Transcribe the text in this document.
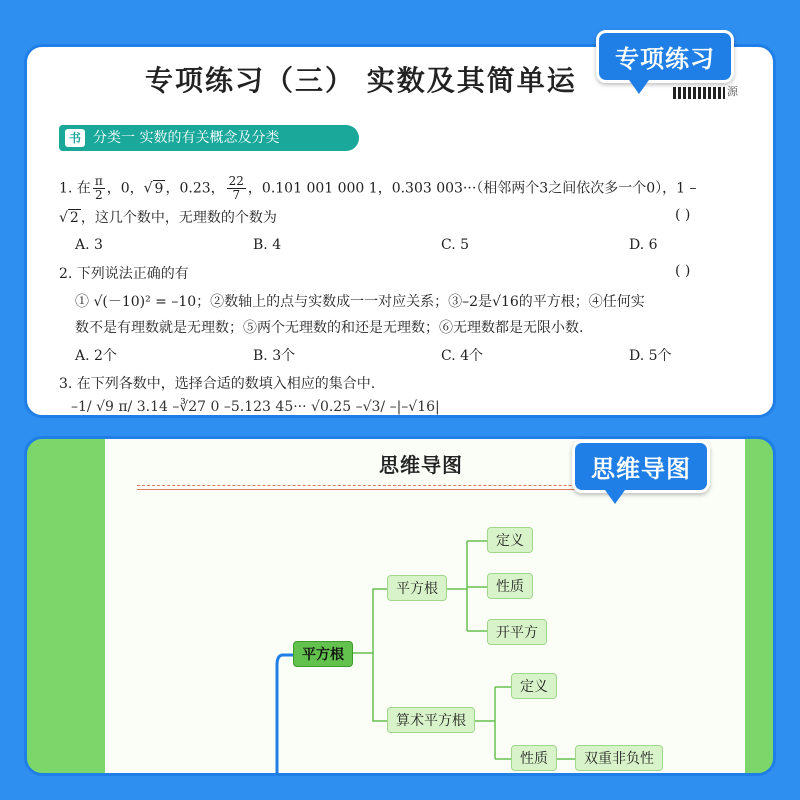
专项练习（三） 实数及其简单运	源
书 分类一 实数的有关概念及分类
1. 在 $\frac{\pi}{2}$ ，0，√ 9 ，0.23， $\frac{22}{7}$ ，0.101 001 000 1，0.303 003···（相邻两个3之间依次多一个0），1 –
√ 2 ，这几个数中，无理数的个数为	( )
A. 3	B. 4	C. 5	D. 6
2. 下列说法正确的有	( )
① √(－10)² = –10；②数轴上的点与实数成一一对应关系；③–2是√16的平方根；④任何实
数不是有理数就是无理数；⑤两个无理数的和还是无理数；⑥无理数都是无限小数.
A. 2个	B. 3个	C. 4个	D. 5个
3. 在下列各数中，选择合适的数填入相应的集合中.
–1/ √9 π/ 3.14 –∛27 0 –5.123 45··· √0.25 –√3/ –|–√16|
专项练习
思维导图
平方根
平方根
定义
性质
开平方
算术平方根
定义
性质	双重非负性
思维导图
